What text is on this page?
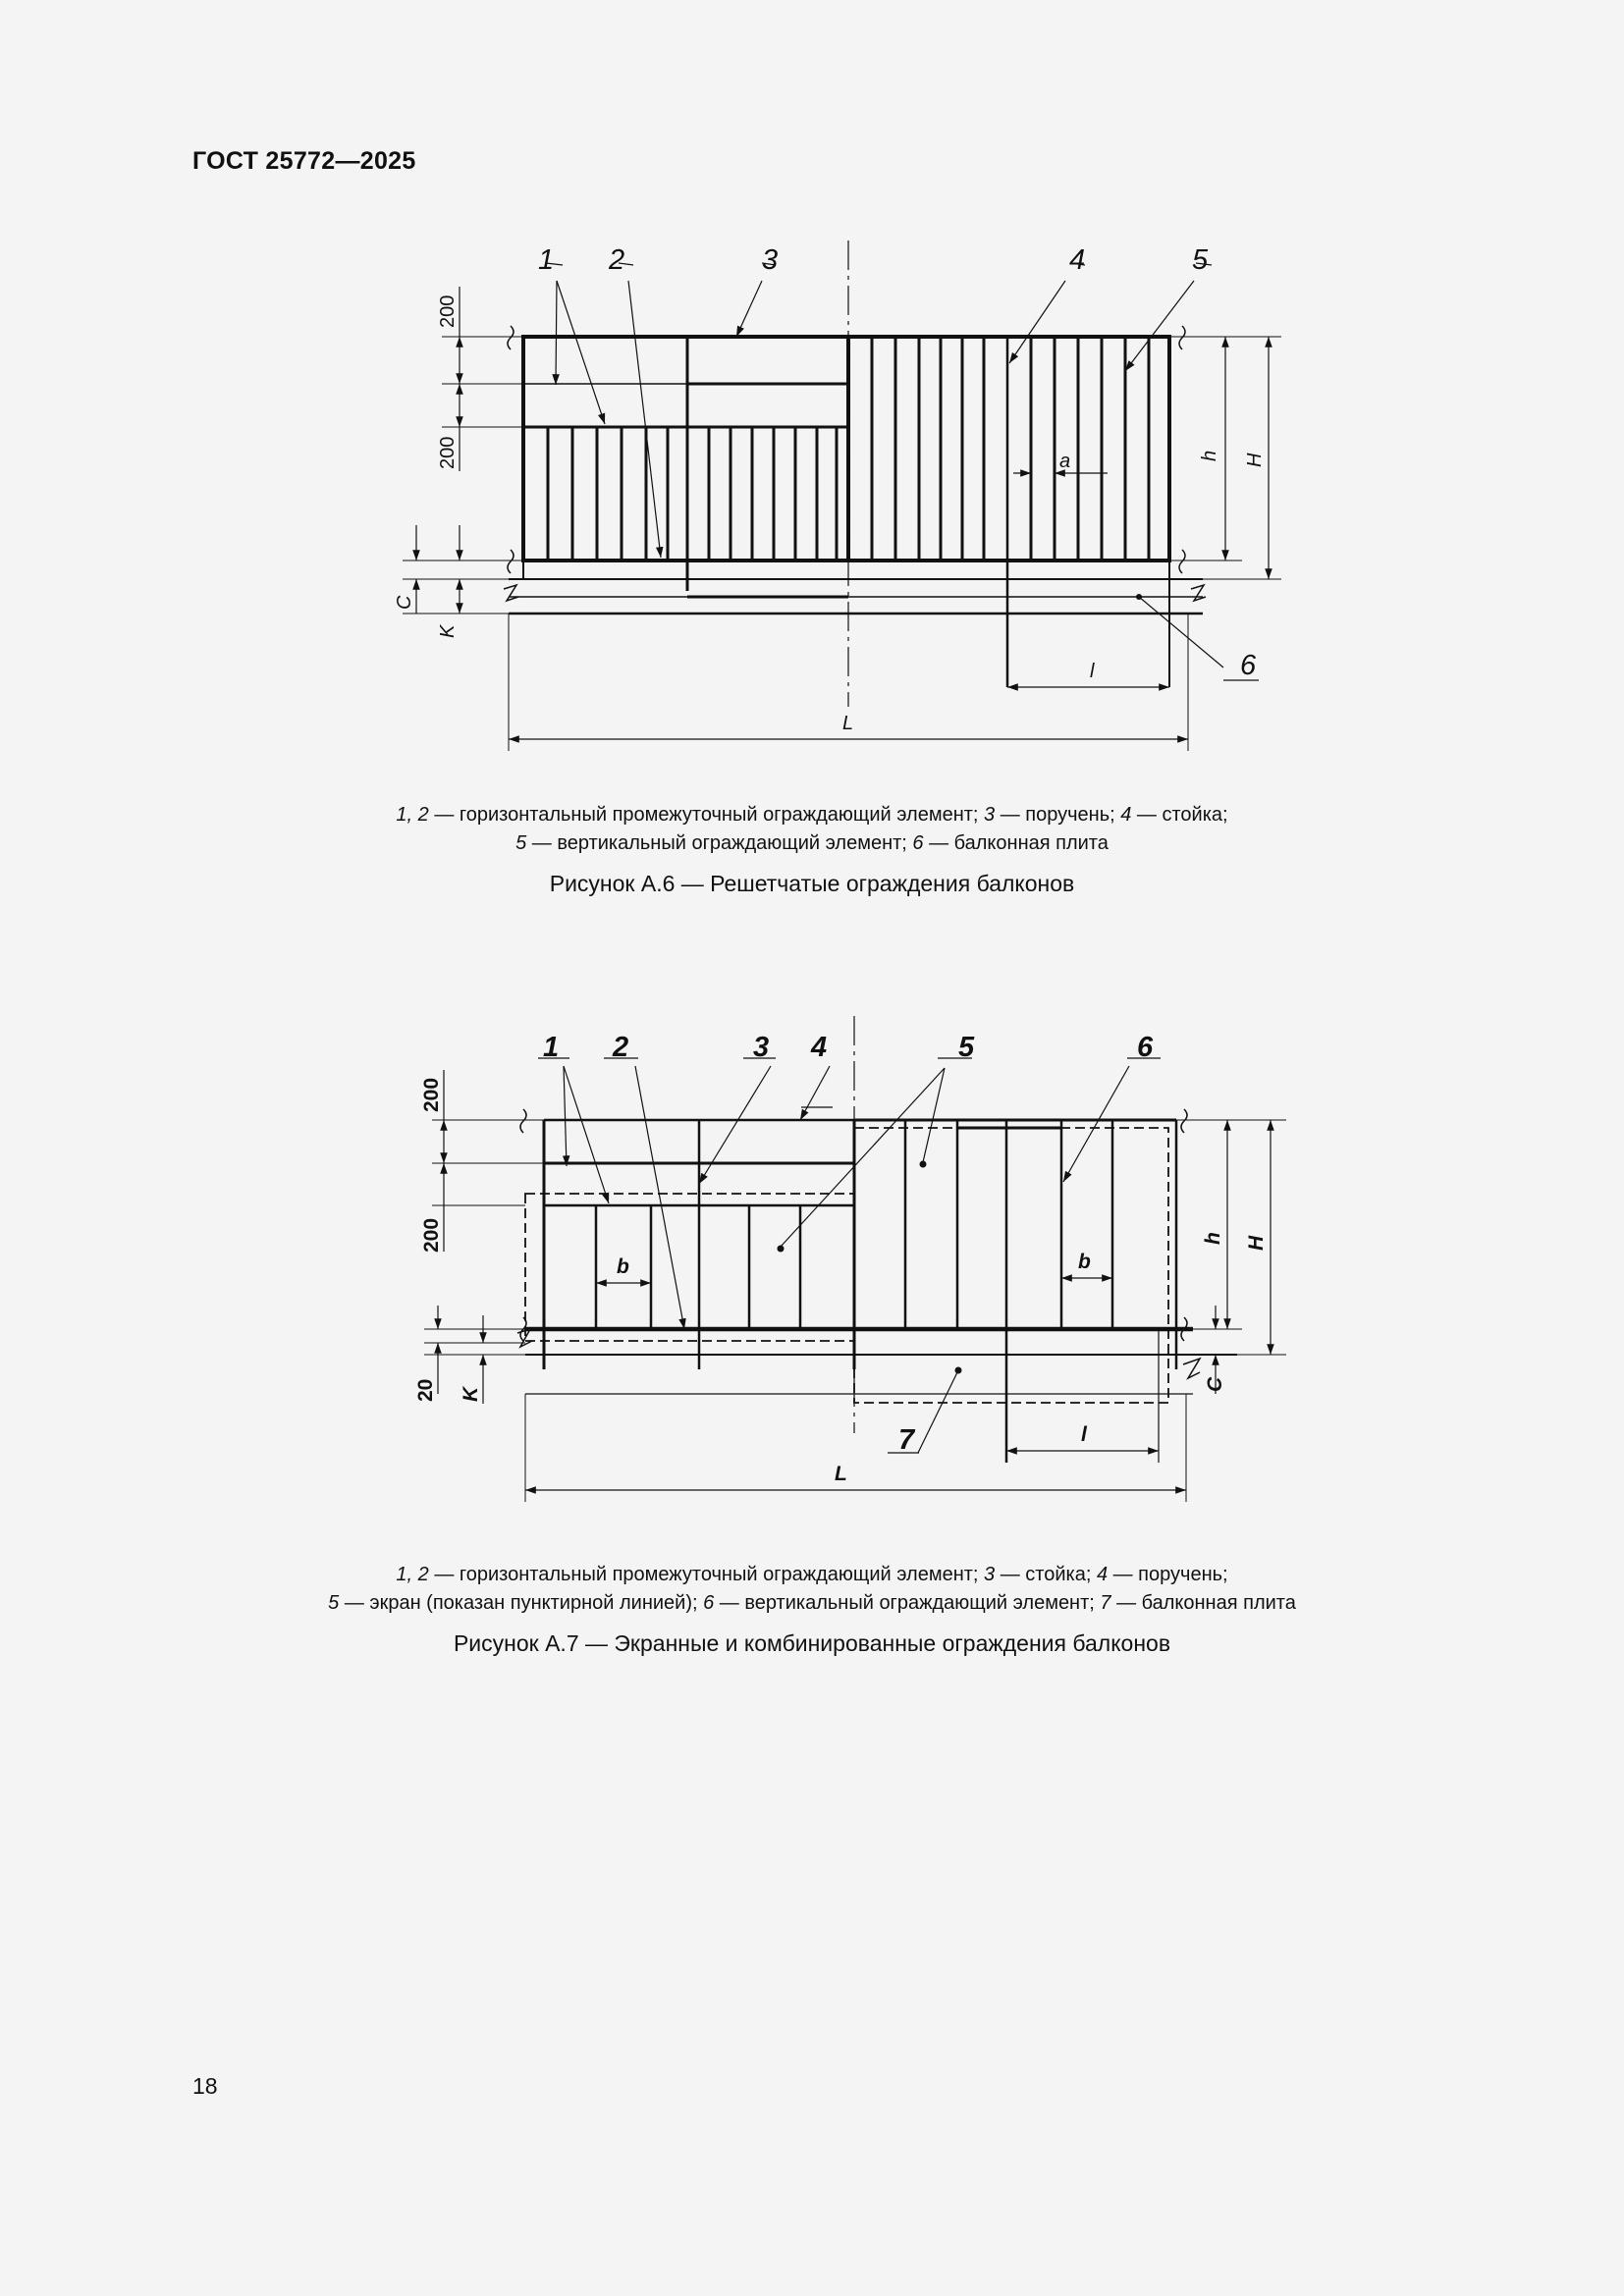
ГОСТ 25772—2025
1 2	3	4	5
6
200
200
C
K
h H
a
l
L
1, 2 — горизонтальный промежуточный ограждающий элемент; 3 — поручень; 4 — стойка;
5 — вертикальный ограждающий элемент; 6 — балконная плита
Рисунок А.6 — Решетчатые ограждения балконов
1 2	3 4	5	6
7
200
200
20 K
C
h H
b	b
l
L
1, 2 — горизонтальный промежуточный ограждающий элемент; 3 — стойка; 4 — поручень;
5 — экран (показан пунктирной линией); 6 — вертикальный ограждающий элемент; 7 — балконная плита
Рисунок А.7 — Экранные и комбинированные ограждения балконов
18
